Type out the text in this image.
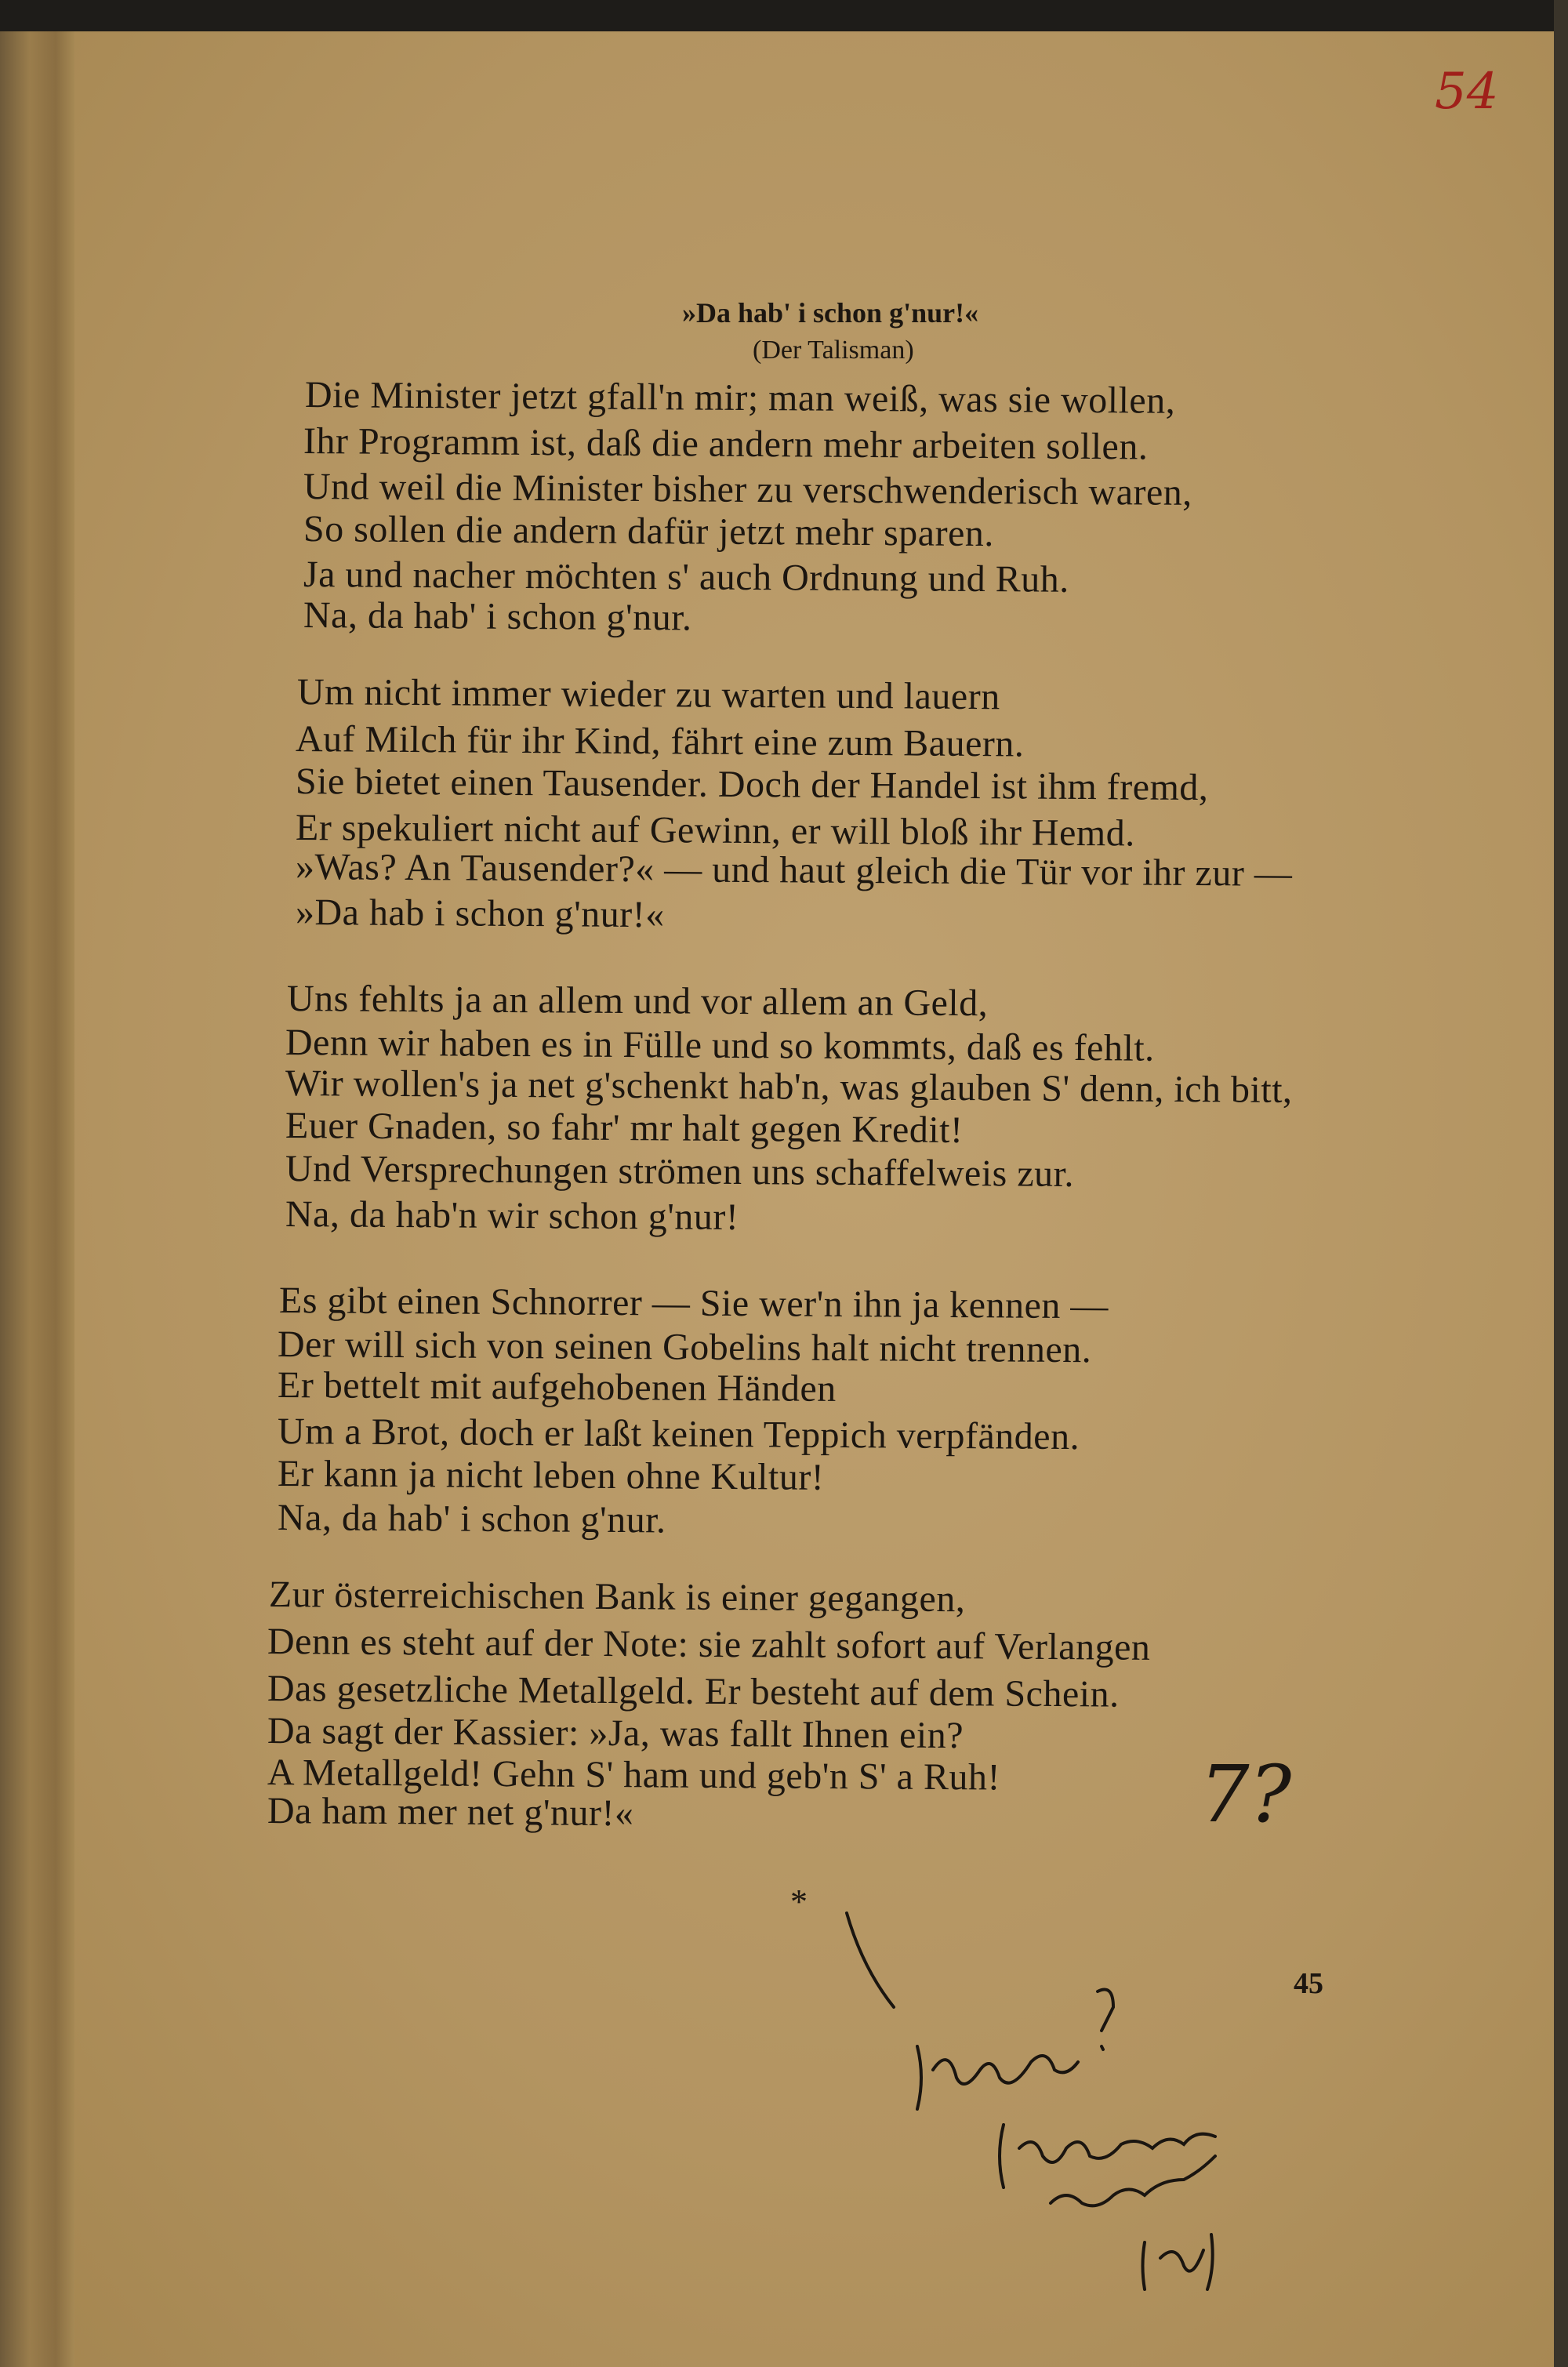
54
»Da hab' i schon g'nur!«
(Der Talisman)
Die Minister jetzt gfall'n mir; man weiß, was sie wollen,
Ihr Programm ist, daß die andern mehr arbeiten sollen.
Und weil die Minister bisher zu verschwenderisch waren,
So sollen die andern dafür jetzt mehr sparen.
Ja und nacher möchten s' auch Ordnung und Ruh.
Na, da hab' i schon g'nur.
Um nicht immer wieder zu warten und lauern
Auf Milch für ihr Kind, fährt eine zum Bauern.
Sie bietet einen Tausender. Doch der Handel ist ihm fremd,
Er spekuliert nicht auf Gewinn, er will bloß ihr Hemd.
»Was? An Tausender?« — und haut gleich die Tür vor ihr zur —
»Da hab i schon g'nur!«
Uns fehlts ja an allem und vor allem an Geld,
Denn wir haben es in Fülle und so kommts, daß es fehlt.
Wir wollen's ja net g'schenkt hab'n, was glauben S' denn, ich bitt,
Euer Gnaden, so fahr' mr halt gegen Kredit!
Und Versprechungen strömen uns schaffelweis zur.
Na, da hab'n wir schon g'nur!
Es gibt einen Schnorrer — Sie wer'n ihn ja kennen —
Der will sich von seinen Gobelins halt nicht trennen.
Er bettelt mit aufgehobenen Händen
Um a Brot, doch er laßt keinen Teppich verpfänden.
Er kann ja nicht leben ohne Kultur!
Na, da hab' i schon g'nur.
Zur österreichischen Bank is einer gegangen,
Denn es steht auf der Note: sie zahlt sofort auf Verlangen
Das gesetzliche Metallgeld. Er besteht auf dem Schein.
Da sagt der Kassier: »Ja, was fallt Ihnen ein?
A Metallgeld! Gehn S' ham und geb'n S' a Ruh!
Da ham mer net g'nur!«
*
45
7?
